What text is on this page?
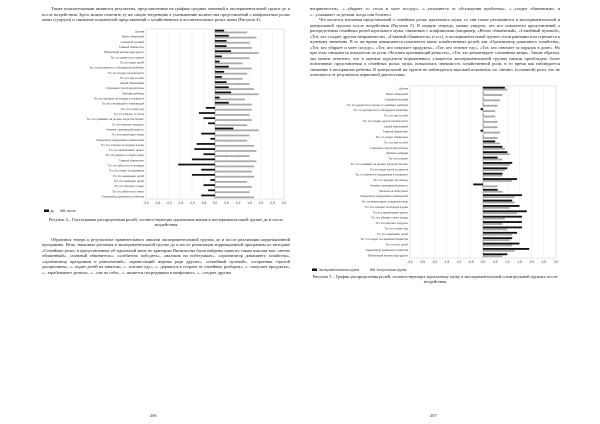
Также показательными являются результаты, представленные на графике средних значений в экспериментальной группе до и после воздействия. Здесь можно отметить ту же самую тенденцию к уменьшению количества представлений о конфликтных ролях жены (супруги) и снижение показателей представлений о хозяйственных и воспитательных ролях жены (Рисунок 4).

-3,0 -2,5 -2,0 -1,5 -1,0 -0,5 0,0 0,5 1,0 1,5 2,0 2,5 3,0
Шутник
Вечно обиженный
Семейный нулевой
Главный обвинитель
Приносящий жертвы ради других
Тот, кто держится в стороне
Тот, кто водит детей
Тот, кто уклоняется от обсуждения проблемы
Тот, кто создает неприятности
Тот, кто сам по себе
Самый обвиняемый
Сторонник строгой дисциплины
Любимец ребенка
Тот, кто приходит на помощь в конфликте
Тот, кто утешающий и помогающий
Тот, кто готовит еду
Тот, кто убирает со стола
Тот, кто ухаживает за детьми, когда они болеют
Тот, кто покупает продукты
Человек, признающий резкость
Тот, кто ремонтирует вещи
Организатор праздников и развлечений
Тот, кто отвечает за порядок в доме
Тот, кто зарабатывает деньги
Тот, кто убирает и стирает вещи
Главный обвинитель
Тот, кто заботится о питомцах
Тот, кто следит за здоровьем
Тот, кто наказывает детей
Тот, кто прибирает детей
Тот, кто приходит поздно
Тот, кто заботится о семье
Организатор домашнего хозяйства
до	после

Рисунок 4 – Гистограмма распределения ролей, соответствующих идеальным женам в экспериментальной группе до и после воздействия

Обратимся теперь к результатам сравнительного анализа экспериментальной группы до и после реализации коррекционной программы. Итак, значимые различия в экспериментальной группе до и после реализации коррекционной программы по методике «Семейные роли» в представлениях об идеальной жене по критерию Вилкоксона были найдены нами по таким шкалам как: «вечно обиженный», «главный обвинитель», «хлебитель пободеть», «мальчик на побегушках», «организатор домашнего хозяйства», «организатор праздников и развлечений», «приносящий жертвы ради других», «семейный нулевой», «сторонник строгой дисциплины», «...водит детей на занятия», «...готовит еду», «...держится в стороне от семейных разборок», «...покупает продукты», «...зарабатывает деньги», «...сам по себе», «...является посредником в конфликте», «...создает другим

206

неприятности», «...убирает со стола и моет посуду», «...уклоняется от обсуждения проблемы», «...уходит обиженным» и «...ухаживает за детьми, когда они болеют».

Что касается изучения представлений о семейных ролях идеального мужа, то они также различаются в экспериментальной и контрольной группах после воздействия (Рисунок 5). В первую очередь, можно увидеть, что все показатели представлений о распределении семейных ролей идеального мужа, связанных с конфликтами (например, «Вечно обиженный», «Семейный нулевой», «Тот, кто создает другим неприятности», «Главный обвинитель» и т.п.), в экспериментальной группе стали равными или стремятся к нулевому значению. В то же время повышаются показатели таких хозяйственных ролей, как «Организатор домашнего хозяйства», «Тот, кто убирает и моет посуду», «Тот, кто покупает продукты», «Тот, кто готовит еду», «Тот, кто отвечает за порядок в доме». Но при этом снижаются показатели по роли «Человек признающий резкость», «Тот, кто ремонтирует сломанные вещи». Таким образом, мы можем отметить, что в оценках курсантов нормативного учащегося экспериментальной группы начали преобладать более позитивные представления о семейных ролях мужа, повысилась значимость хозяйственной роли, в то время как наблюдается снижение в восприятии ребенка. В контрольной же группе не наблюдается высокий показатель по «вечно» (основной) роли, что не отличается от результатов первичной диагностики.

-3,0 -2,5 -2,0 -1,5 -1,0 -0,5 0,0 0,5 1,0 1,5 2,0 2,5 3,0
Шутник
Вечно обиженный
Семейный нулевой
Тот, кто держится в стороне от семейных разборок
Тот, кто уклоняется от обсуждения проблемы
Тот, кто сам по себе
Тот, кто создает другим неприятности
Самый обвиняемый
Главный обвинитель
Тот, кто уходит обиженным
Тот, кто сам по себе
Сторонник строгой дисциплины
Любимец ребенка
Тот, кто утешает
Тот, кто ухаживает за детьми, когда они болеют
Тот, кто водит детей на занятия
Тот, кто является посредником в конфликте
Тот, кто приходит на помощь
Человек, признающий резкость
Мальчик на побегушках
Организатор праздников и развлечений
Тот, кто ремонтирует сломанные вещи
Тот, кто отвечает за порядок в доме
Тот, кто зарабатывает деньги
Тот, кто убирает и моет посуду
Тот, кто покупает продукты
Тот, кто готовит еду
Тот, кто наказывает детей
Тот, кто следит за семейным бюджетом
Тот, кто учит детей
Организатор домашнего хозяйства
Приносящий жертвы ради других
Экспериментальная группа	Контрольная группа

Рисунок 5 – График распределения ролей, соответствующих идеальному мужу в экспериментальной и контрольной группах после воздействия

207
